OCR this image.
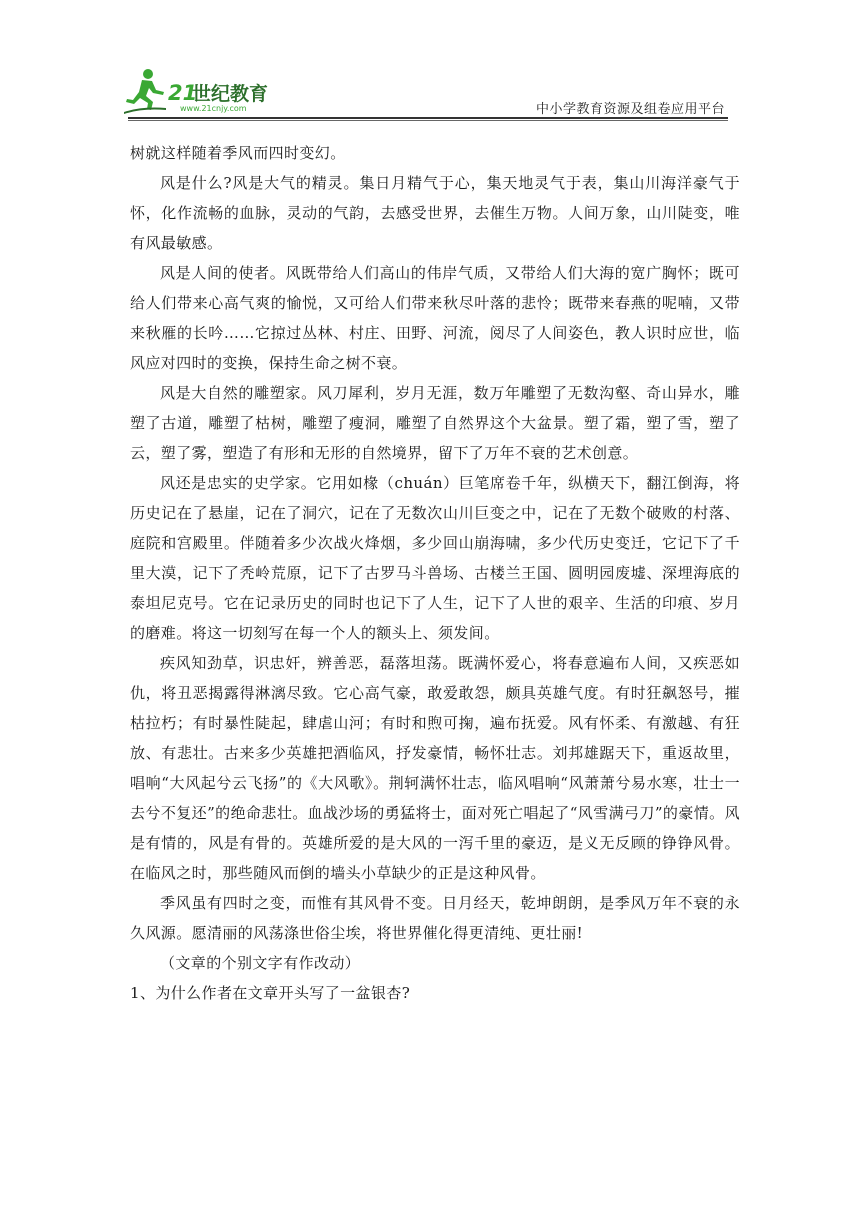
21
世纪教育
www.21cnjy.com	中小学教育资源及组卷应用平台

树就这样随着季风而四时变幻。

风是什么?风是大气的精灵。集日月精气于心，集天地灵气于表，集山川海洋豪气于怀，化作流畅的血脉，灵动的气韵，去感受世界，去催生万物。人间万象，山川陡变，唯有风最敏感。

风是人间的使者。风既带给人们高山的伟岸气质，又带给人们大海的宽广胸怀；既可给人们带来心高气爽的愉悦，又可给人们带来秋尽叶落的悲怜；既带来春燕的呢喃，又带来秋雁的长吟……它掠过丛林、村庄、田野、河流，阅尽了人间姿色，教人识时应世，临风应对四时的变换，保持生命之树不衰。

风是大自然的雕塑家。风刀犀利，岁月无涯，数万年雕塑了无数沟壑、奇山异水，雕塑了古道，雕塑了枯树，雕塑了瘦洞，雕塑了自然界这个大盆景。塑了霜，塑了雪，塑了云，塑了雾，塑造了有形和无形的自然境界，留下了万年不衰的艺术创意。

风还是忠实的史学家。它用如椽（chuán）巨笔席卷千年，纵横天下，翻江倒海，将历史记在了悬崖，记在了洞穴，记在了无数次山川巨变之中，记在了无数个破败的村落、庭院和宫殿里。伴随着多少次战火烽烟，多少回山崩海啸，多少代历史变迁，它记下了千里大漠，记下了秃岭荒原，记下了古罗马斗兽场、古楼兰王国、圆明园废墟、深埋海底的泰坦尼克号。它在记录历史的同时也记下了人生，记下了人世的艰辛、生活的印痕、岁月的磨难。将这一切刻写在每一个人的额头上、须发间。

疾风知劲草，识忠奸，辨善恶，磊落坦荡。既满怀爱心，将春意遍布人间，又疾恶如仇，将丑恶揭露得淋漓尽致。它心高气豪，敢爱敢怨，颇具英雄气度。有时狂飙怒号，摧枯拉朽；有时暴性陡起，肆虐山河；有时和煦可掬，遍布抚爱。风有怀柔、有激越、有狂放、有悲壮。古来多少英雄把酒临风，抒发豪情，畅怀壮志。刘邦雄踞天下，重返故里，唱响“大风起兮云飞扬”的《大风歌》。荆轲满怀壮志，临风唱响“风萧萧兮易水寒，壮士一去兮不复还”的绝命悲壮。血战沙场的勇猛将士，面对死亡唱起了“风雪满弓刀”的豪情。风是有情的，风是有骨的。英雄所爱的是大风的一泻千里的豪迈，是义无反顾的铮铮风骨。在临风之时，那些随风而倒的墙头小草缺少的正是这种风骨。

季风虽有四时之变，而惟有其风骨不变。日月经天，乾坤朗朗，是季风万年不衰的永久风源。愿清丽的风荡涤世俗尘埃，将世界催化得更清纯、更壮丽!

（文章的个别文字有作改动）

1、为什么作者在文章开头写了一盆银杏?
